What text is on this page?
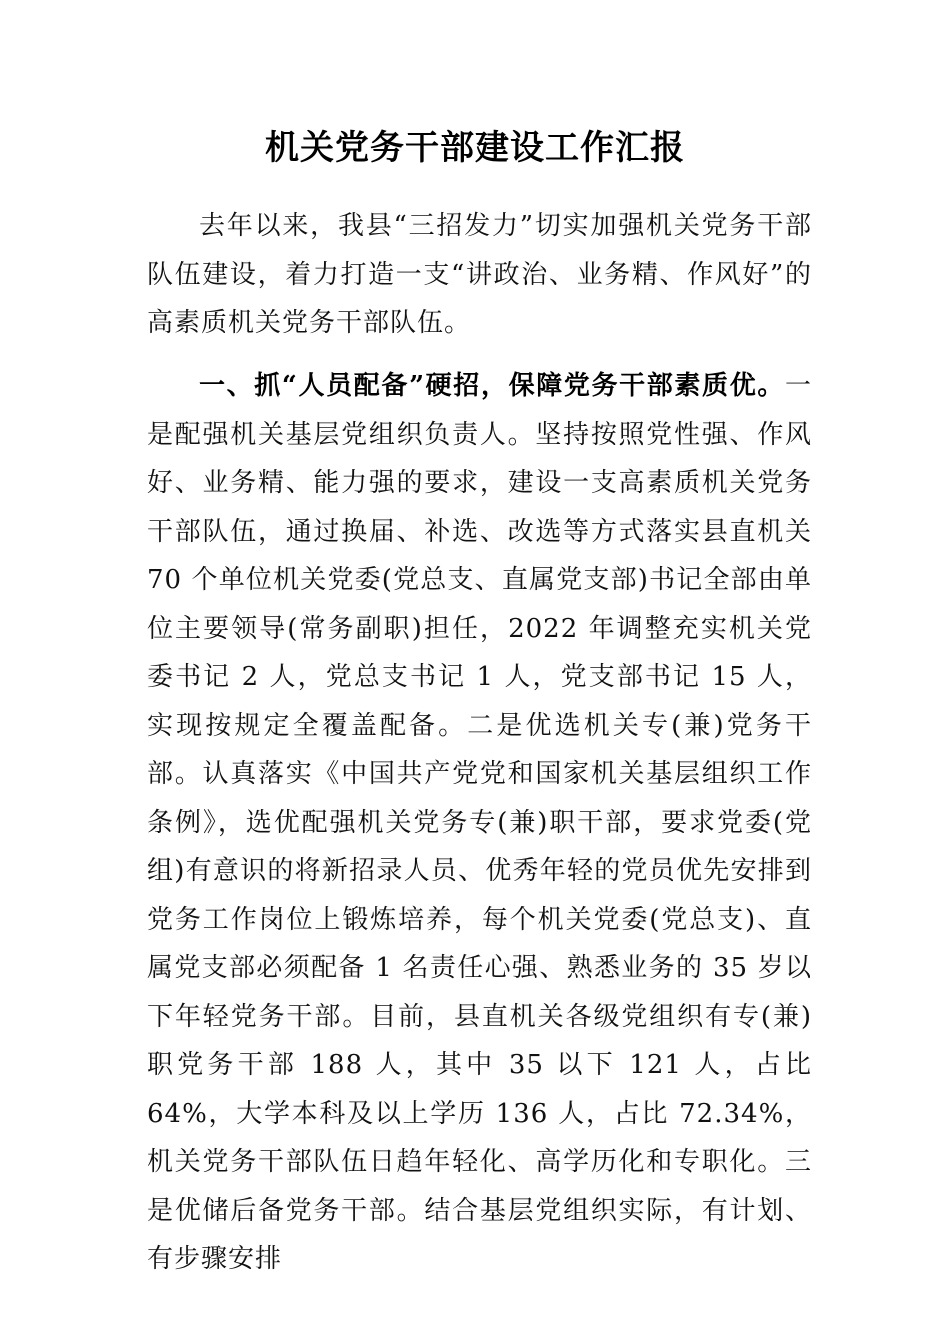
机关党务干部建设工作汇报

去年以来，我县“三招发力”切实加强机关党务干部队伍建设，着力打造一支“讲政治、业务精、作风好”的高素质机关党务干部队伍。

一、抓“人员配备”硬招，保障党务干部素质优。一是配强机关基层党组织负责人。坚持按照党性强、作风好、业务精、能力强的要求，建设一支高素质机关党务干部队伍，通过换届、补选、改选等方式落实县直机关 70 个单位机关党委(党总支、直属党支部)书记全部由单位主要领导(常务副职)担任，2022 年调整充实机关党委书记 2 人，党总支书记 1 人，党支部书记 15 人，实现按规定全覆盖配备。二是优选机关专(兼)党务干部。认真落实《中国共产党党和国家机关基层组织工作条例》，选优配强机关党务专(兼)职干部，要求党委(党组)有意识的将新招录人员、优秀年轻的党员优先安排到党务工作岗位上锻炼培养，每个机关党委(党总支)、直属党支部必须配备 1 名责任心强、熟悉业务的 35 岁以下年轻党务干部。目前，县直机关各级党组织有专(兼)职党务干部 188 人，其中 35 以下 121 人，占比 64%，大学本科及以上学历 136 人，占比 72.34%，机关党务干部队伍日趋年轻化、高学历化和专职化。三是优储后备党务干部。结合基层党组织实际，有计划、有步骤安排
